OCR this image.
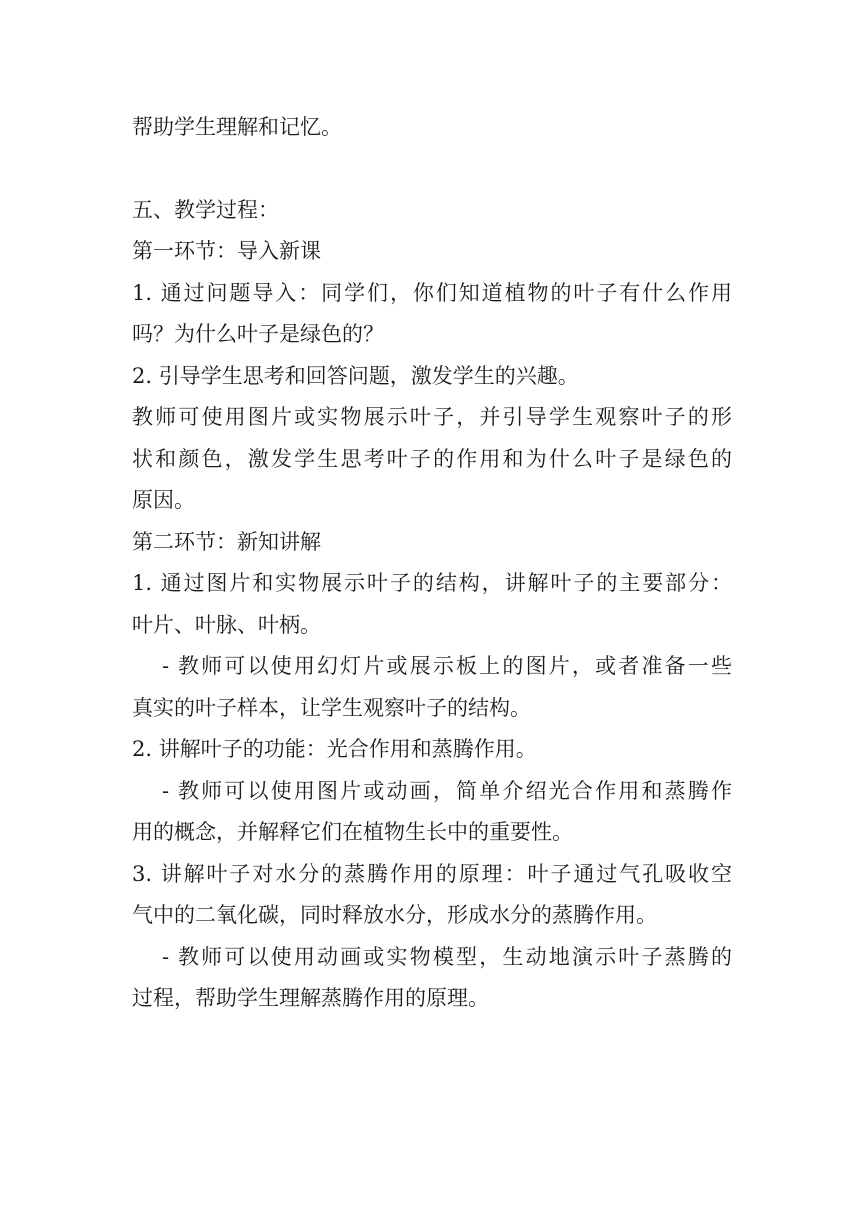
帮助学生理解和记忆。

五、教学过程：

第一环节：导入新课

1. 通过问题导入：同学们，你们知道植物的叶子有什么作用

吗？为什么叶子是绿色的？

2. 引导学生思考和回答问题，激发学生的兴趣。

教师可使用图片或实物展示叶子，并引导学生观察叶子的形

状和颜色，激发学生思考叶子的作用和为什么叶子是绿色的

原因。

第二环节：新知讲解

1. 通过图片和实物展示叶子的结构，讲解叶子的主要部分：

叶片、叶脉、叶柄。

- 教师可以使用幻灯片或展示板上的图片，或者准备一些

真实的叶子样本，让学生观察叶子的结构。

2. 讲解叶子的功能：光合作用和蒸腾作用。

- 教师可以使用图片或动画，简单介绍光合作用和蒸腾作

用的概念，并解释它们在植物生长中的重要性。

3. 讲解叶子对水分的蒸腾作用的原理：叶子通过气孔吸收空

气中的二氧化碳，同时释放水分，形成水分的蒸腾作用。

- 教师可以使用动画或实物模型，生动地演示叶子蒸腾的

过程，帮助学生理解蒸腾作用的原理。
